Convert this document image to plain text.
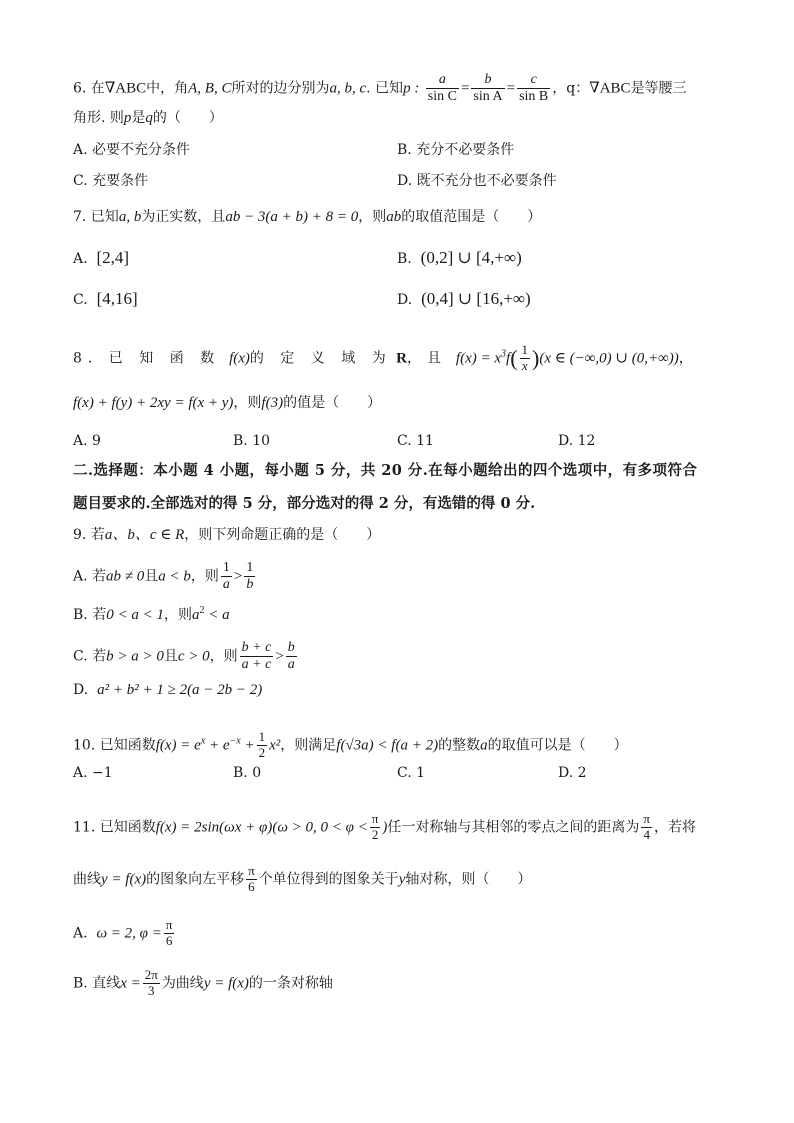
6. 在∇ABC中，角A, B, C所对的边分别为a, b, c. 已知p : $\frac{a}{\text{sin C}} = \frac{b}{\text{sin A}} = \frac{c}{\text{sin B}}$ ，q：∇ABC是等腰三
角形. 则p是q的（　　）
A. 必要不充分条件	B. 充分不必要条件
C. 充要条件	D. 既不充分也不必要条件
7. 已知a, b为正实数，且ab − 3(a + b) + 8 = 0，则ab的取值范围是（　　）
A. [2,4]	B. (0,2] ∪ [4,+∞)
C. [4,16]	D. (0,4] ∪ [16,+∞)
8. 已 知 函 数 f(x)的 定 义 域 为 R，且 $f(x) = x^3f( \frac{1}{x} )(x$ ∈ (−∞,0) ∪ (0,+∞))，
f(x) + f(y) + 2xy = f(x + y)，则f(3)的值是（　　）
A. 9	B. 10	C. 11	D. 12
二.选择题：本小题 4 小题，每小题 5 分，共 20 分.在每小题给出的四个选项中，有多项符合
题目要求的.全部选对的得 5 分，部分选对的得 2 分，有选错的得 0 分.
9. 若a、b、c ∈ R，则下列命题正确的是（　　）
A. 若ab ≠ 0且a < b，则 $\frac{1}{a} > \frac{1}{b}$
B. 若0 < a < 1，则$a^2 < a$
C. 若b > a > 0且c > 0，则 $\frac{b + c}{a + c} > \frac{b}{a}$
D. a² + b² + 1 ≥ 2(a − 2b − 2)
10. 已知函数$f(x) = e^x + e^{-x} + \frac{1}{2} x^2$，则满足f(√3a) < f(a + 2)的整数a的取值可以是（　　）
A. −1	B. 0	C. 1	D. 2
11. 已知函数f(x) = 2sin(ωx + φ)(ω > 0, $0 < \varphi < \frac{\pi}{2}$ )任一对称轴与其相邻的零点之间的距离为 $\frac{\pi}{4}$ ，若将
曲线y = f(x)的图象向左平移 $\frac{\pi}{6}$ 个单位得到的图象关于y轴对称，则（　　）
A. ω = 2, $\varphi = \frac{\pi}{6}$
B. 直线$x = \frac{2\pi}{3}$ 为曲线y = f(x)的一条对称轴
